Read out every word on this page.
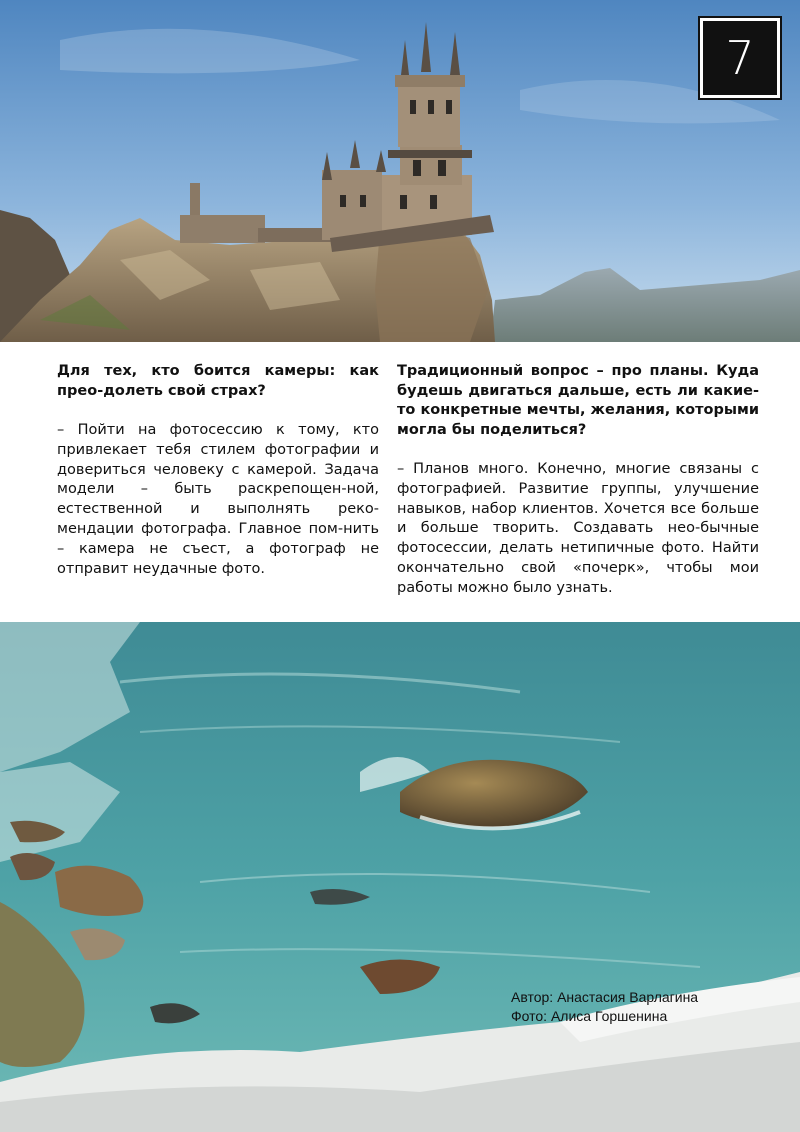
7

Для тех, кто боится камеры: как прео-долеть свой страх?

– Пойти на фотосессию к тому, кто привлекает тебя стилем фотографии и довериться человеку с камерой. Задача модели – быть раскрепощен-ной, естественной и выполнять реко-мендации фотографа. Главное пом-нить – камера не съест, а фотограф не отправит неудачные фото.

Традиционный вопрос – про планы. Куда будешь двигаться дальше, есть ли какие-то конкретные мечты, желания, которыми могла бы поделиться?

– Планов много. Конечно, многие связаны с фотографией. Развитие группы, улучшение навыков, набор клиентов. Хочется все больше и больше творить. Создавать нео-бычные фотосессии, делать нетипичные фото. Найти окончательно свой «почерк», чтобы мои работы можно было узнать.

Автор: Анастасия Варлагина
Фото: Алиса Горшенина
